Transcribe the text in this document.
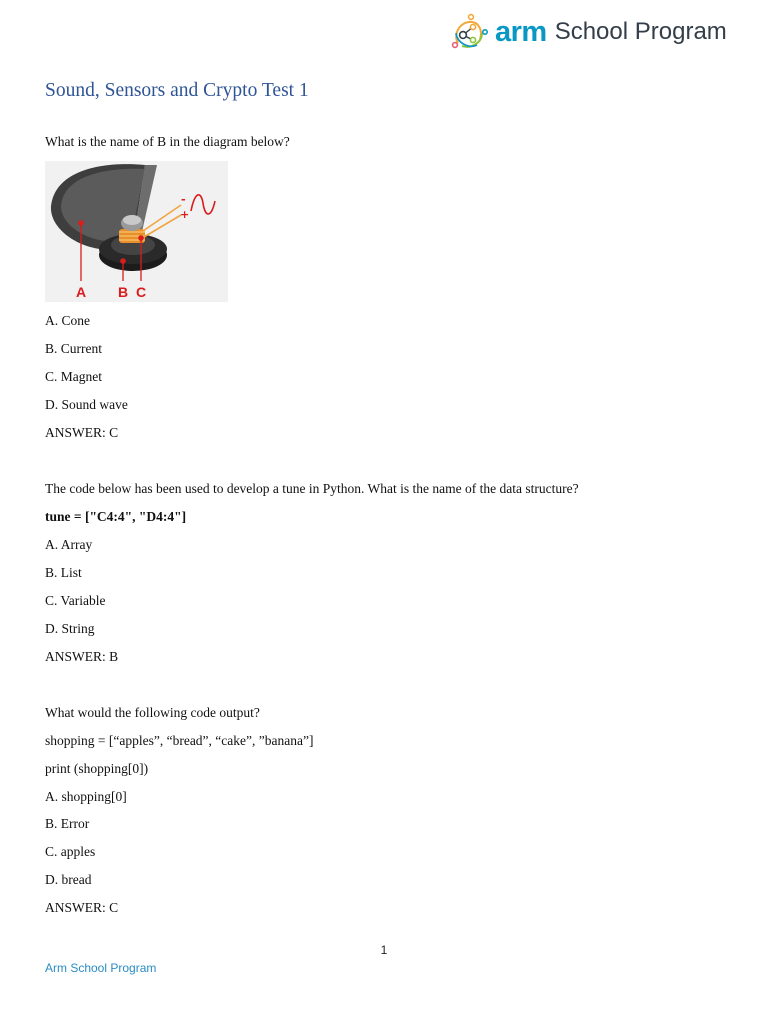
arm School Program
Sound, Sensors and Crypto Test 1
What is the name of B in the diagram below?
-
+
A B C
A. Cone
B. Current
C. Magnet
D. Sound wave
ANSWER: C
The code below has been used to develop a tune in Python. What is the name of the data structure?
tune = ["C4:4", "D4:4"]
A. Array
B. List
C. Variable
D. String
ANSWER: B
What would the following code output?
shopping = [“apples”, “bread”, “cake”, ”banana”]
print (shopping[0])
A. shopping[0]
B. Error
C. apples
D. bread
ANSWER: C
1
Arm School Program
